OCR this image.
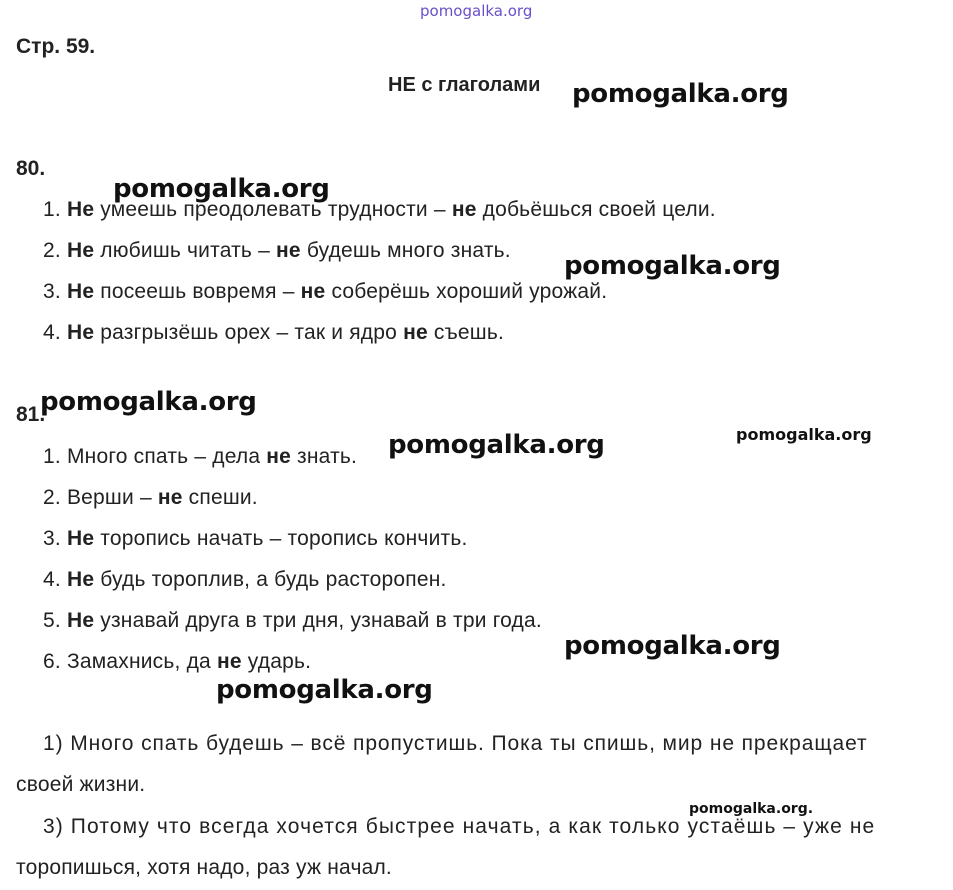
pomogalka.org
Стр. 59.
НЕ с глаголами pomogalka.org
80.
1. Не умеешь преодолевать трудности – не добьёшься своей цели.
2. Не любишь читать – не будешь много знать.
3. Не посеешь вовремя – не соберёшь хороший урожай.
4. Не разгрызёшь орех – так и ядро не съешь.
pomogalka.org
pomogalka.org
81.
pomogalka.org
pomogalka.org
1. Много спать – дела не знать. pomogalka.org
2. Верши – не спеши.
3. Не торопись начать – торопись кончить.
4. Не будь тороплив, а будь расторопен.
5. Не узнавай друга в три дня, узнавай в три года.
6. Замахнись, да не ударь.
pomogalka.org
pomogalka.org
1) Много спать будешь – всё пропустишь. Пока ты спишь, мир не прекращает
своей жизни.
pomogalka.org.
3) Потому что всегда хочется быстрее начать, а как только устаёшь – уже не
торопишься, хотя надо, раз уж начал.
